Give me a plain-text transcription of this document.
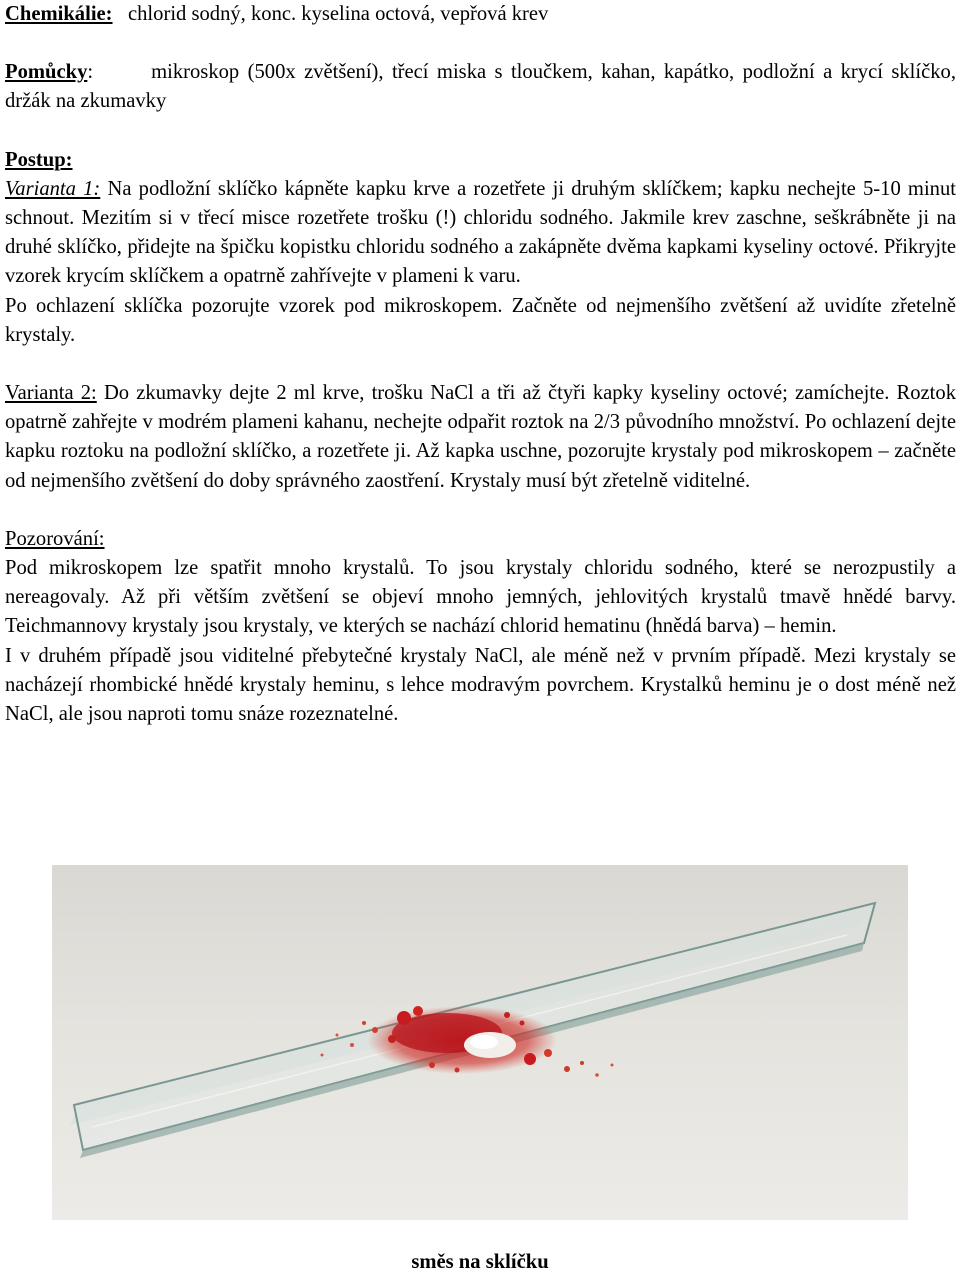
Chemikálie: chlorid sodný, konc. kyselina octová, vepřová krev

Pomůcky:	mikroskop (500x zvětšení), třecí miska s tloučkem, kahan, kapátko, podložní a krycí sklíčko, držák na zkumavky

Postup:

Varianta 1: Na podložní sklíčko kápněte kapku krve a rozetřete ji druhým sklíčkem; kapku nechejte 5-10 minut schnout. Mezitím si v třecí misce rozetřete trošku (!) chloridu sodného. Jakmile krev zaschne, seškrábněte ji na druhé sklíčko, přidejte na špičku kopistku chloridu sodného a zakápněte dvěma kapkami kyseliny octové. Přikryjte vzorek krycím sklíčkem a opatrně zahřívejte v plameni k varu.

Po ochlazení sklíčka pozorujte vzorek pod mikroskopem. Začněte od nejmenšího zvětšení až uvidíte zřetelně krystaly.

Varianta 2: Do zkumavky dejte 2 ml krve, trošku NaCl a tři až čtyři kapky kyseliny octové; zamíchejte. Roztok opatrně zahřejte v modrém plameni kahanu, nechejte odpařit roztok na 2/3 původního množství. Po ochlazení dejte kapku roztoku na podložní sklíčko, a rozetřete ji. Až kapka uschne, pozorujte krystaly pod mikroskopem – začněte od nejmenšího zvětšení do doby správného zaostření. Krystaly musí být zřetelně viditelné.

Pozorování:

Pod mikroskopem lze spatřit mnoho krystalů. To jsou krystaly chloridu sodného, které se nerozpustily a nereagovaly. Až při větším zvětšení se objeví mnoho jemných, jehlovitých krystalů tmavě hnědé barvy. Teichmannovy krystaly jsou krystaly, ve kterých se nachází chlorid hematinu (hnědá barva) – hemin.

I v druhém případě jsou viditelné přebytečné krystaly NaCl, ale méně než v prvním případě. Mezi krystaly se nacházejí rhombické hnědé krystaly heminu, s lehce modravým povrchem. Krystalků heminu je o dost méně než NaCl, ale jsou naproti tomu snáze rozeznatelné.

směs na sklíčku
